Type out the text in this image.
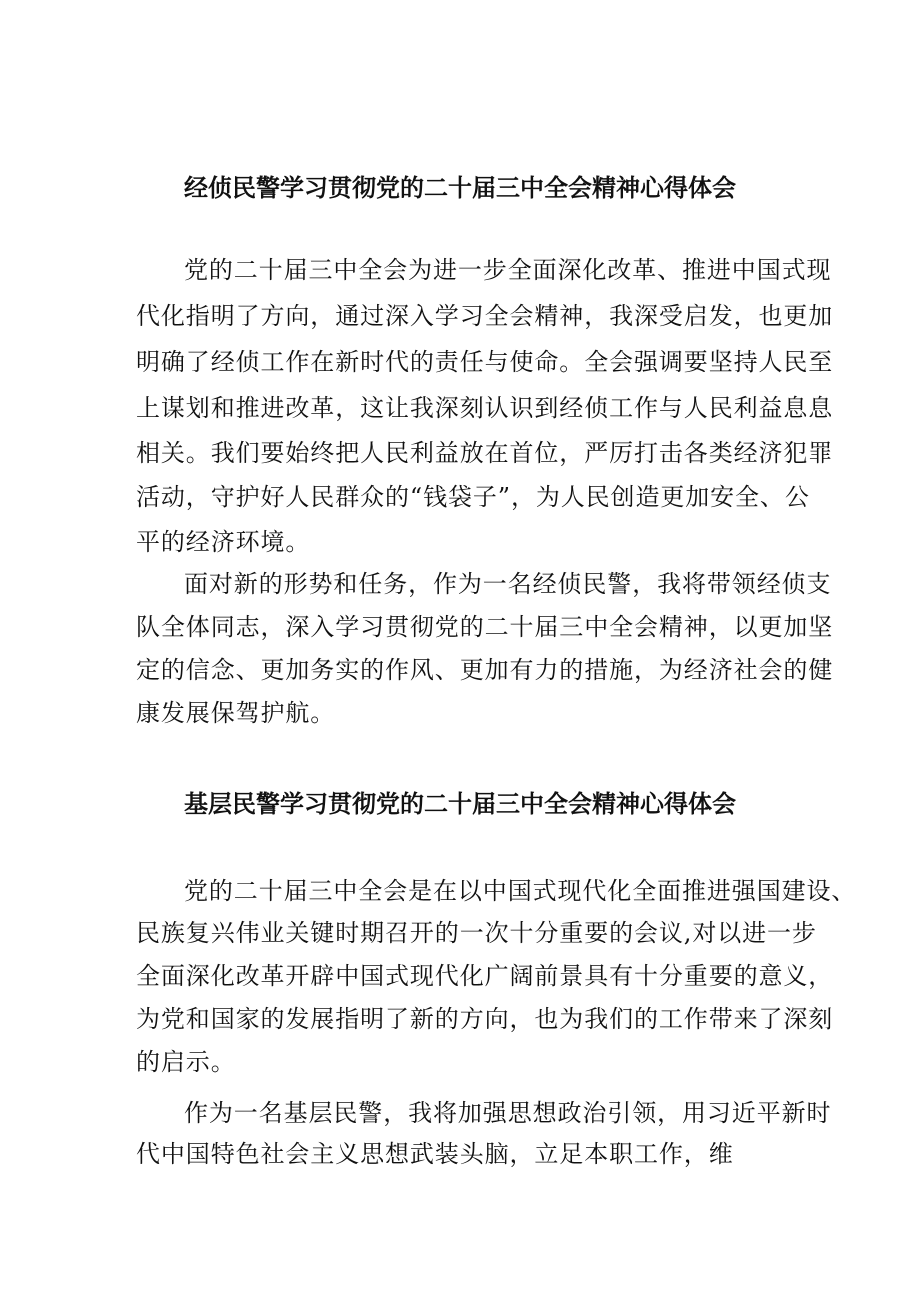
经侦民警学习贯彻党的二十届三中全会精神心得体会
党的二十届三中全会为进一步全面深化改革、推进中国式现
代化指明了方向，通过深入学习全会精神，我深受启发，也更加
明确了经侦工作在新时代的责任与使命。全会强调要坚持人民至
上谋划和推进改革，这让我深刻认识到经侦工作与人民利益息息
相关。我们要始终把人民利益放在首位，严厉打击各类经济犯罪
活动，守护好人民群众的“钱袋子”，为人民创造更加安全、公
平的经济环境。
面对新的形势和任务，作为一名经侦民警，我将带领经侦支
队全体同志，深入学习贯彻党的二十届三中全会精神，以更加坚
定的信念、更加务实的作风、更加有力的措施，为经济社会的健
康发展保驾护航。
基层民警学习贯彻党的二十届三中全会精神心得体会
党的二十届三中全会是在以中国式现代化全面推进强国建设、
民族复兴伟业关键时期召开的一次十分重要的会议,对以进一步
全面深化改革开辟中国式现代化广阔前景具有十分重要的意义，
为党和国家的发展指明了新的方向，也为我们的工作带来了深刻
的启示。
作为一名基层民警，我将加强思想政治引领，用习近平新时
代中国特色社会主义思想武装头脑，立足本职工作，维
